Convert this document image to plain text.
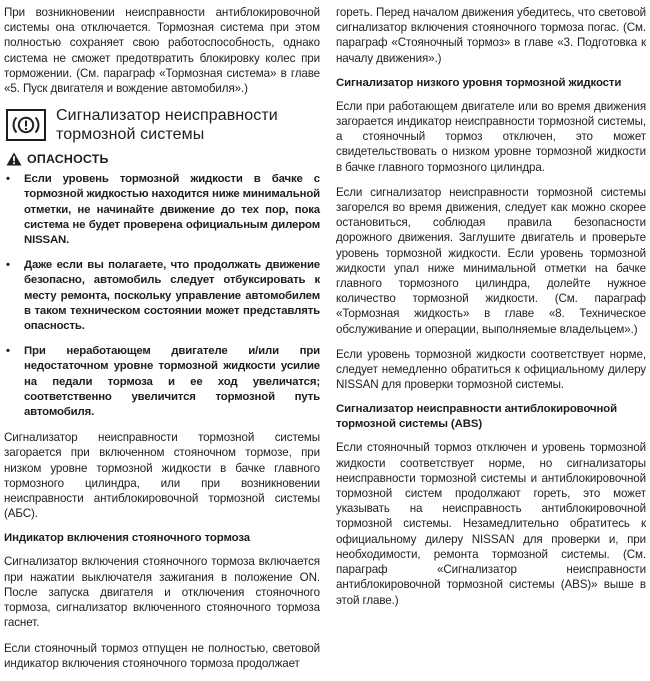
При возникновении неисправности антиблокировочной системы она отключается. Тормозная система при этом полностью сохраняет свою работоспособность, однако система не сможет предотвратить блокировку колес при торможении. (См. параграф «Тормозная система» в главе «5. Пуск двигателя и вождение автомобиля».)

Сигнализатор неисправности
тормозной системы
ОПАСНОСТЬ
• Если уровень тормозной жидкости в бачке с тормозной жидкостью находится ниже минимальной отметки, не начинайте движение до тех пор, пока система не будет проверена официальным дилером NISSAN.
• Даже если вы полагаете, что продолжать движение безопасно, автомобиль следует отбуксировать к месту ремонта, поскольку управление автомобилем в таком техническом состоянии может представлять опасность.
• При неработающем двигателе и/или при недостаточном уровне тормозной жидкости усилие на педали тормоза и ее ход увеличатся; соответственно увеличится тормозной путь автомобиля.

Сигнализатор неисправности тормозной системы загорается при включенном стояночном тормозе, при низком уровне тормозной жидкости в бачке главного тормозного цилиндра, или при возникновении неисправности антиблокировочной тормозной системы (АБС).

Индикатор включения стояночного тормоза

Сигнализатор включения стояночного тормоза включается при нажатии выключателя зажигания в положение ON. После запуска двигателя и отключения стояночного тормоза, сигнализатор включенного стояночного тормоза гаснет.

Если стояночный тормоз отпущен не полностью, световой индикатор включения стояночного тормоза продолжает

гореть. Перед началом движения убедитесь, что световой сигнализатор включения стояночного тормоза погас. (См. параграф «Стояночный тормоз» в главе «3. Подготовка к началу движения».)

Сигнализатор низкого уровня тормозной жидкости

Если при работающем двигателе или во время движения загорается индикатор неисправности тормозной системы, а стояночный тормоз отключен, это может свидетельствовать о низком уровне тормозной жидкости в бачке главного тормозного цилиндра.

Если сигнализатор неисправности тормозной системы загорелся во время движения, следует как можно скорее остановиться, соблюдая правила безопасности дорожного движения. Заглушите двигатель и проверьте уровень тормозной жидкости. Если уровень тормозной жидкости упал ниже минимальной отметки на бачке главного тормозного цилиндра, долейте нужное количество тормозной жидкости. (См. параграф «Тормозная жидкость» в главе «8. Техническое обслуживание и операции, выполняемые владельцем».)

Если уровень тормозной жидкости соответствует норме, следует немедленно обратиться к официальному дилеру NISSAN для проверки тормозной системы.

Сигнализатор неисправности антиблокировочной тормозной системы (ABS)

Если стояночный тормоз отключен и уровень тормозной жидкости соответствует норме, но сигнализаторы неисправности тормозной системы и антиблокировочной тормозной систем продолжают гореть, это может указывать на неисправность антиблокировочной тормозной системы. Незамедлительно обратитесь к официальному дилеру NISSAN для проверки и, при необходимости, ремонта тормозной системы. (См. параграф «Сигнализатор неисправности антиблокировочной тормозной системы (ABS)» выше в этой главе.)
